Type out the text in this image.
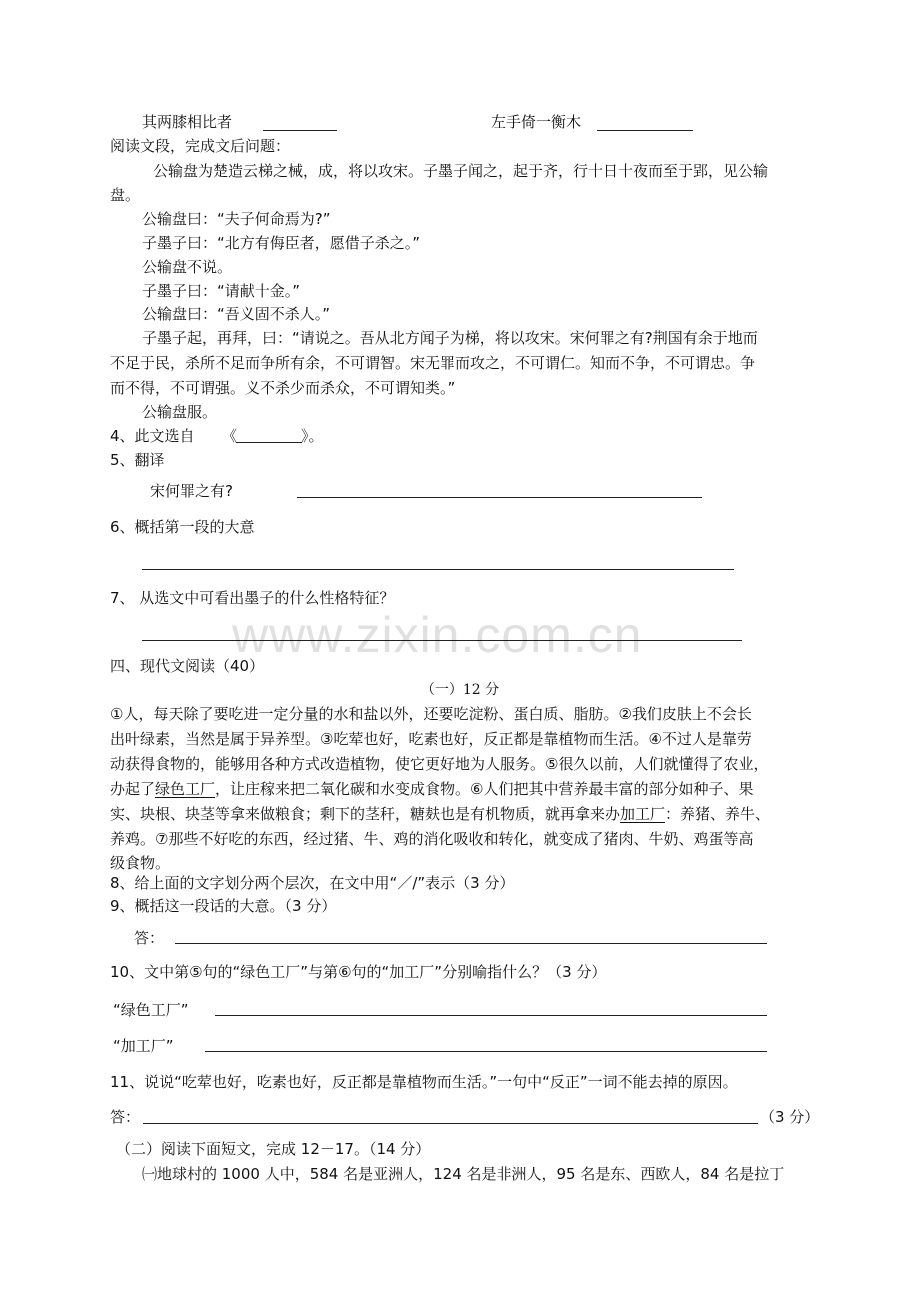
其两膝相比者	左手倚一衡木
阅读文段，完成文后问题：
公输盘为楚造云梯之械，成，将以攻宋。子墨子闻之，起于齐，行十日十夜而至于郢，见公输
盘。
公输盘曰：“夫子何命焉为?”
子墨子曰：“北方有侮臣者，愿借子杀之。”
公输盘不说。
子墨子曰：“请献十金。”
公输盘曰：“吾义固不杀人。”
子墨子起，再拜，曰：“请说之。吾从北方闻子为梯，将以攻宋。宋何罪之有?荆国有余于地而
不足于民，杀所不足而争所有余，不可谓智。宋无罪而攻之，不可谓仁。知而不争，不可谓忠。争
而不得，不可谓强。义不杀少而杀众，不可谓知类。”
公输盘服。
4、此文选自 《	》。
5、翻译
宋何罪之有?
6、概括第一段的大意
7、 从选文中可看出墨子的什么性格特征？
四、现代文阅读（40）
（一）12 分
①人，每天除了要吃进一定分量的水和盐以外，还要吃淀粉、蛋白质、脂肪。②我们皮肤上不会长
出叶绿素，当然是属于异养型。③吃荤也好，吃素也好，反正都是靠植物而生活。④不过人是靠劳
动获得食物的，能够用各种方式改造植物，使它更好地为人服务。⑤很久以前，人们就懂得了农业，
办起了绿色工厂，让庄稼来把二氧化碳和水变成食物。⑥人们把其中营养最丰富的部分如种子、果
实、块根、块茎等拿来做粮食；剩下的茎秆，糖麸也是有机物质，就再拿来办加工厂：养猪、养牛、
养鸡。⑦那些不好吃的东西，经过猪、牛、鸡的消化吸收和转化，就变成了猪肉、牛奶、鸡蛋等高
级食物。
8、给上面的文字划分两个层次，在文中用“／/”表示（3 分）
9、概括这一段话的大意。（3 分）
答：
10、文中第⑤句的“绿色工厂”与第⑥句的“加工厂”分别喻指什么？（3 分）
“绿色工厂”
“加工厂”
11、说说“吃荤也好，吃素也好，反正都是靠植物而生活。”一句中“反正”一词不能去掉的原因。
答：	（3 分）
（二）阅读下面短文，完成 12－17。（14 分）
㈠地球村的 1000 人中，584 名是亚洲人，124 名是非洲人，95 名是东、西欧人，84 名是拉丁
www.zixin.com.cn
